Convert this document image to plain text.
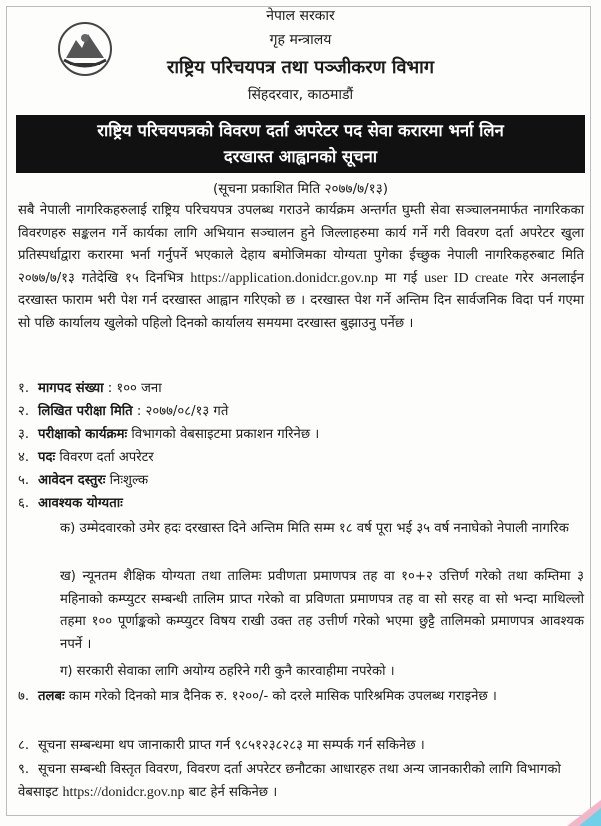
नेपाल सरकार
गृह मन्त्रालय
राष्ट्रिय परिचयपत्र तथा पञ्जीकरण विभाग
सिंहदरवार, काठमाडौं
राष्ट्रिय परिचयपत्रको विवरण दर्ता अपरेटर पद सेवा करारमा भर्ना लिन
दरखास्त आह्वानको सूचना
(सूचना प्रकाशित मिति २०७७/७/१३)
सबै नेपाली नागरिकहरुलाई राष्ट्रिय परिचयपत्र उपलब्ध गराउने कार्यक्रम अन्तर्गत घुम्ती सेवा सञ्चालनमार्फत नागरिकका विवरणहरु सङ्कलन गर्ने कार्यका लागि अभियान सञ्चालन हुने जिल्लाहरुमा कार्य गर्ने गरी विवरण दर्ता अपरेटर खुला प्रतिस्पर्धाद्वारा करारमा भर्ना गर्नुपर्ने भएकाले देहाय बमोजिमका योग्यता पुगेका ईच्छुक नेपाली नागरिकहरुबाट मिति २०७७/७/१३ गतेदेखि १५ दिनभित्र https://application.donidcr.gov.np मा गई user ID create गरेर अनलाईन दरखास्त फाराम भरी पेश गर्न दरखास्त आह्वान गरिएको छ । दरखास्त पेश गर्ने अन्तिम दिन सार्वजनिक विदा पर्न गएमा सो पछि कार्यालय खुलेको पहिलो दिनको कार्यालय समयमा दरखास्त बुझाउनु पर्नेछ ।
१. मागपद संख्या : १०० जना
२. लिखित परीक्षा मिति : २०७७/०८/१३ गते
३. परीक्षाको कार्यक्रमः विभागको वेबसाइटमा प्रकाशन गरिनेछ ।
४. पदः विवरण दर्ता अपरेटर
५. आवेदन दस्तुरः निःशुल्क
६. आवश्यक योग्यताः
क) उम्मेदवारको उमेर हदः दरखास्त दिने अन्तिम मिति सम्म १८ वर्ष पूरा भई ३५ वर्ष ननाघेको नेपाली नागरिक
ख) न्यूनतम शैक्षिक योग्यता तथा तालिमः प्रवीणता प्रमाणपत्र तह वा १०+२ उत्तिर्ण गरेको तथा कम्तिमा ३ महिनाको कम्प्युटर सम्बन्धी तालिम प्राप्त गरेको वा प्रविणता प्रमाणपत्र तह वा सो सरह वा सो भन्दा माथिल्लो तहमा १०० पूर्णाङ्कको कम्प्युटर विषय राखी उक्त तह उत्तीर्ण गरेको भएमा छुट्टै तालिमको प्रमाणपत्र आवश्यक नपर्ने ।
ग) सरकारी सेवाका लागि अयोग्य ठहरिने गरी कुनै कारवाहीमा नपरेको ।
७. तलबः काम गरेको दिनको मात्र दैनिक रु. १२००/- को दरले मासिक पारिश्रमिक उपलब्ध गराइनेछ ।
८. सूचना सम्बन्धमा थप जानाकारी प्राप्त गर्न ९८५१२३८२८३ मा सम्पर्क गर्न सकिनेछ ।
९. सूचना सम्बन्धी विस्तृत विवरण, विवरण दर्ता अपरेटर छनौटका आधारहरु तथा अन्य जानकारीको लागि विभागको वेबसाइट https://donidcr.gov.np बाट हेर्न सकिनेछ ।
